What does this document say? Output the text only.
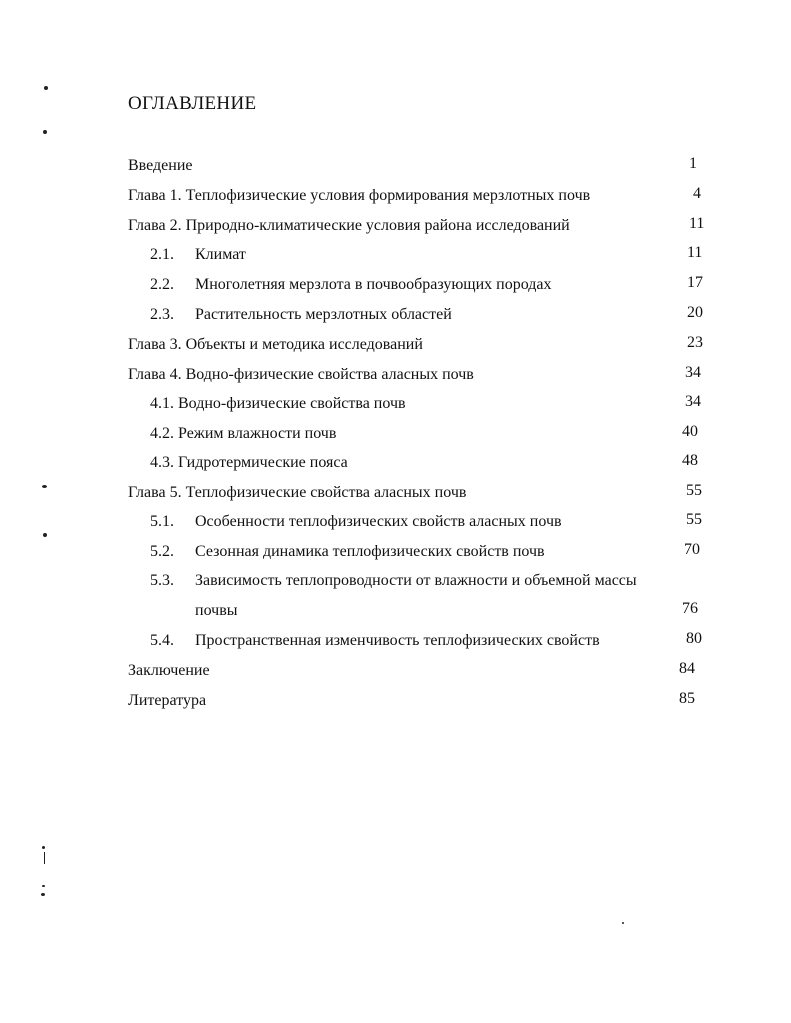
ОГЛАВЛЕНИЕ
Введение	1
Глава 1. Теплофизические условия формирования мерзлотных почв	4
Глава 2. Природно-климатические условия района исследований	11
2.1. Климат	11
2.2. Многолетняя мерзлота в почвообразующих породах	17
2.3. Растительность мерзлотных областей	20
Глава 3. Объекты и методика исследований	23
Глава 4. Водно-физические свойства аласных почв	34
4.1. Водно-физические свойства почв	34
4.2. Режим влажности почв	40
4.3. Гидротермические пояса	48
Глава 5. Теплофизические свойства аласных почв	55
5.1. Особенности теплофизических свойств аласных почв	55
5.2. Сезонная динамика теплофизических свойств почв	70
5.3. Зависимость теплопроводности от влажности и объемной массы
почвы	76
5.4. Пространственная изменчивость теплофизических свойств	80
Заключение	84
Литература	85
